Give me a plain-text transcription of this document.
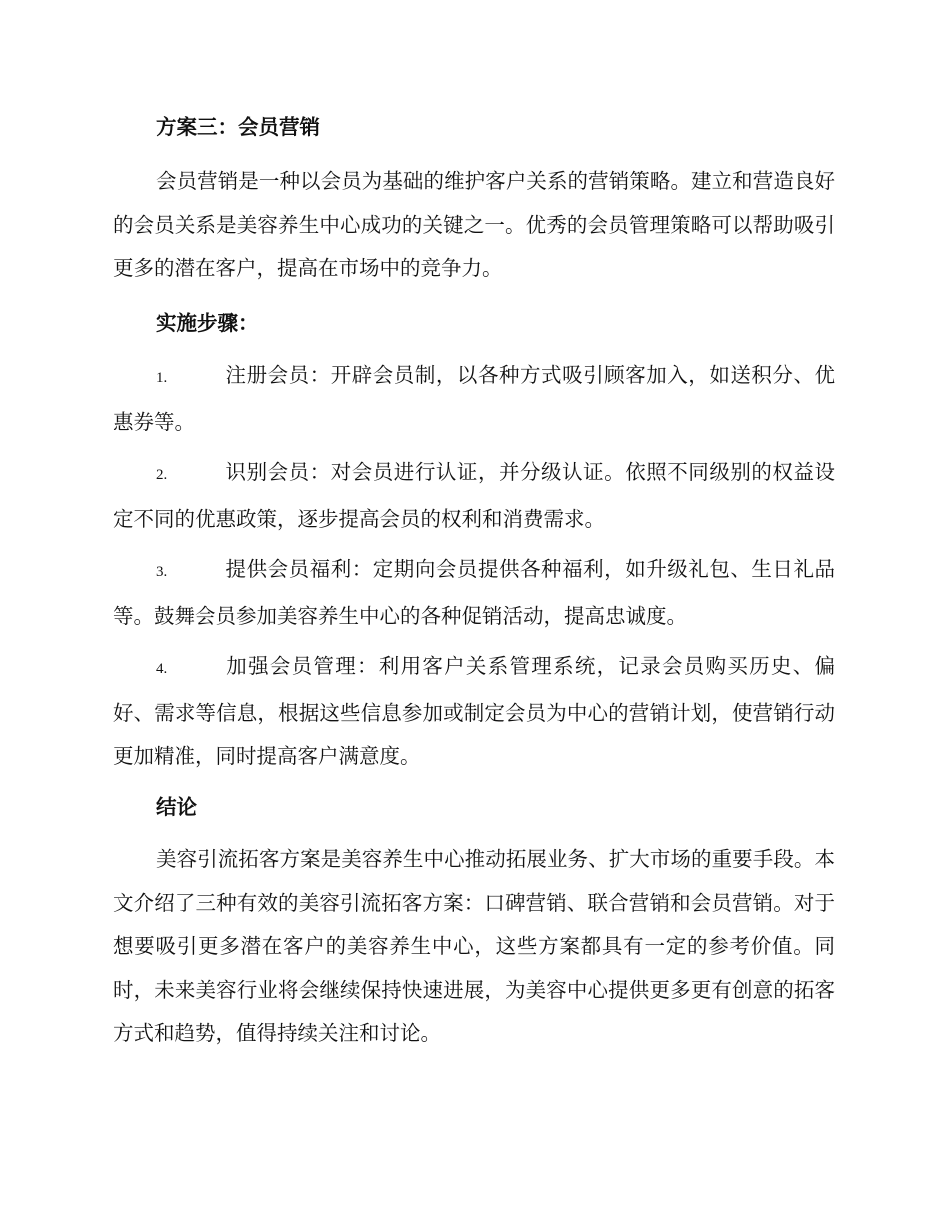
方案三：会员营销

会员营销是一种以会员为基础的维护客户关系的营销策略。建立和营造良好的会员关系是美容养生中心成功的关键之一。优秀的会员管理策略可以帮助吸引更多的潜在客户，提高在市场中的竞争力。

实施步骤：

1.	注册会员：开辟会员制，以各种方式吸引顾客加入，如送积分、优惠券等。

2.	识别会员：对会员进行认证，并分级认证。依照不同级别的权益设定不同的优惠政策，逐步提高会员的权利和消费需求。

3.	提供会员福利：定期向会员提供各种福利，如升级礼包、生日礼品等。鼓舞会员参加美容养生中心的各种促销活动，提高忠诚度。

4.	加强会员管理：利用客户关系管理系统，记录会员购买历史、偏好、需求等信息，根据这些信息参加或制定会员为中心的营销计划，使营销行动更加精准，同时提高客户满意度。

结论

美容引流拓客方案是美容养生中心推动拓展业务、扩大市场的重要手段。本文介绍了三种有效的美容引流拓客方案：口碑营销、联合营销和会员营销。对于想要吸引更多潜在客户的美容养生中心，这些方案都具有一定的参考价值。同时，未来美容行业将会继续保持快速进展，为美容中心提供更多更有创意的拓客方式和趋势，值得持续关注和讨论。
